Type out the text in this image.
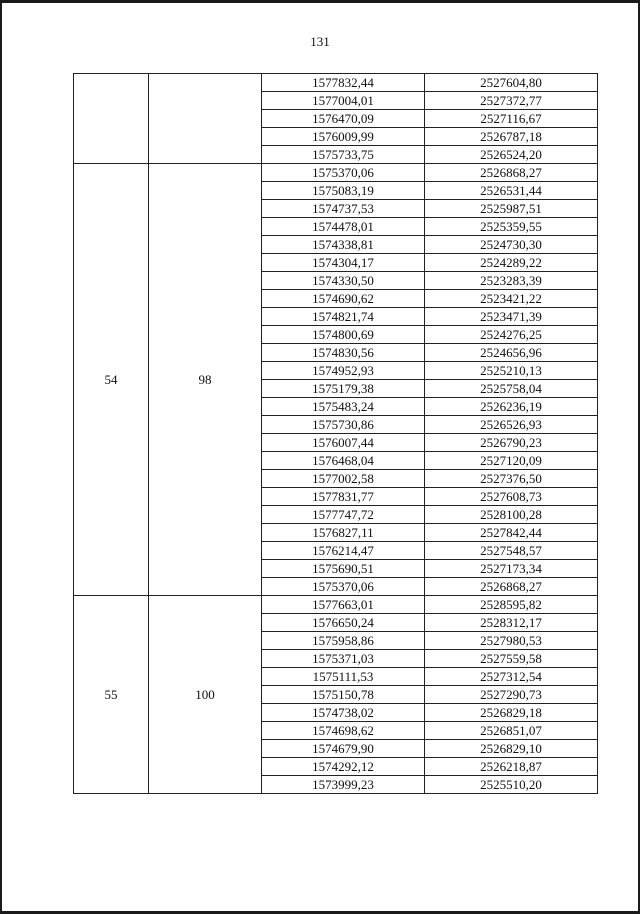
131
		1577832,44	2527604,80
		1577004,01	2527372,77
		1576470,09	2527116,67
		1576009,99	2526787,18
		1575733,75	2526524,20
54	98	1575370,06	2526868,27
		1575083,19	2526531,44
		1574737,53	2525987,51
		1574478,01	2525359,55
		1574338,81	2524730,30
		1574304,17	2524289,22
		1574330,50	2523283,39
		1574690,62	2523421,22
		1574821,74	2523471,39
		1574800,69	2524276,25
		1574830,56	2524656,96
		1574952,93	2525210,13
		1575179,38	2525758,04
		1575483,24	2526236,19
		1575730,86	2526526,93
		1576007,44	2526790,23
		1576468,04	2527120,09
		1577002,58	2527376,50
		1577831,77	2527608,73
		1577747,72	2528100,28
		1576827,11	2527842,44
		1576214,47	2527548,57
		1575690,51	2527173,34
		1575370,06	2526868,27
55	100	1577663,01	2528595,82
		1576650,24	2528312,17
		1575958,86	2527980,53
		1575371,03	2527559,58
		1575111,53	2527312,54
		1575150,78	2527290,73
		1574738,02	2526829,18
		1574698,62	2526851,07
		1574679,90	2526829,10
		1574292,12	2526218,87
		1573999,23	2525510,20
